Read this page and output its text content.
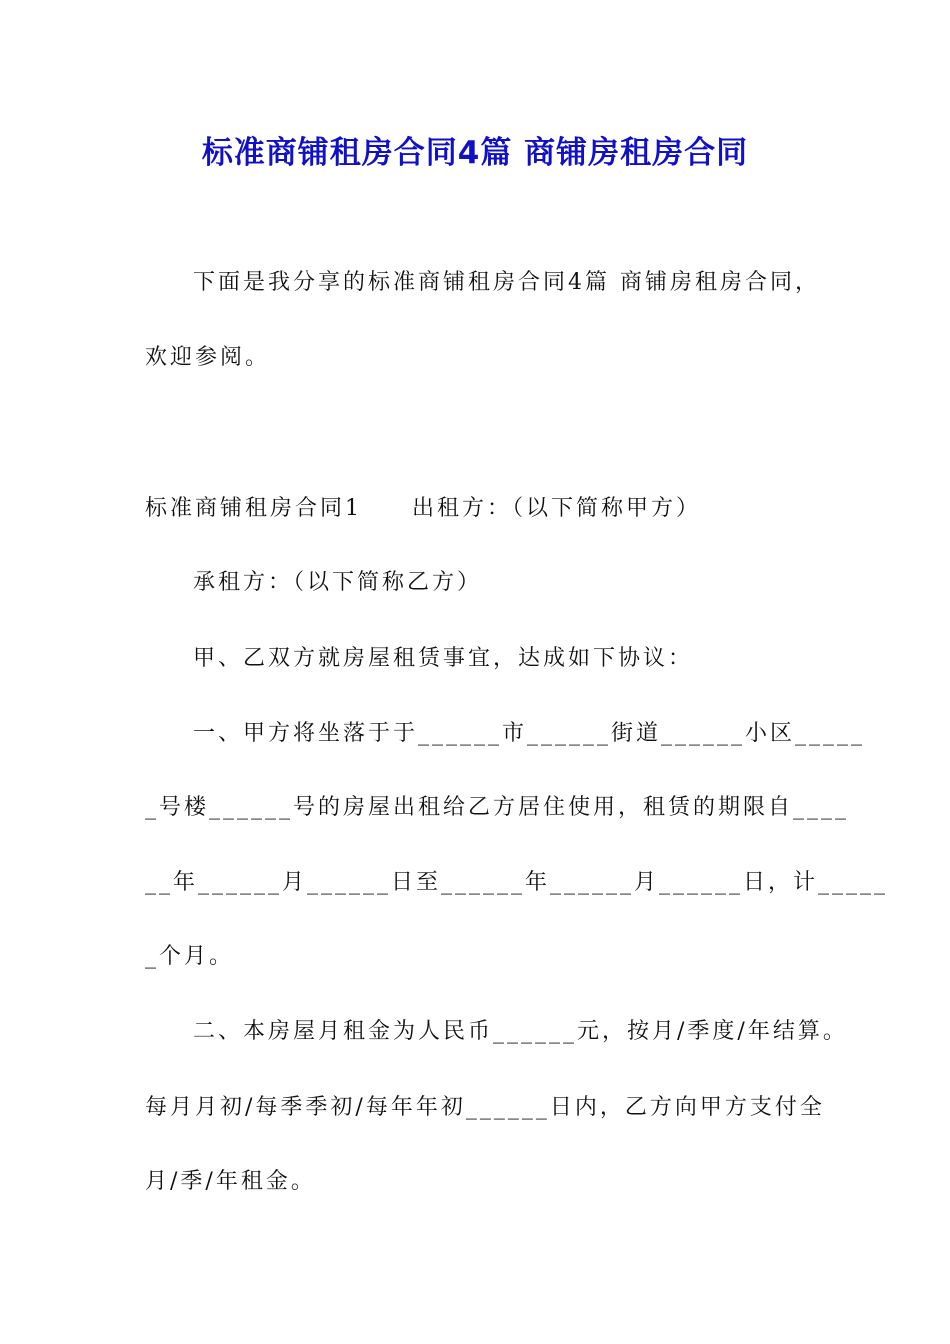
标准商铺租房合同4篇 商铺房租房合同
下面是我分享的标准商铺租房合同4篇 商铺房租房合同，
欢迎参阅。
标准商铺租房合同1　　出租方：（以下简称甲方）
承租方：（以下简称乙方）
甲、乙双方就房屋租赁事宜，达成如下协议：
一、甲方将坐落于于______市______街道______小区_____
_号楼______号的房屋出租给乙方居住使用，租赁的期限自____
__年______月______日至______年______月______日，计_____
_个月。
二、本房屋月租金为人民币______元，按月/季度/年结算。
每月月初/每季季初/每年年初______日内，乙方向甲方支付全
月/季/年租金。
